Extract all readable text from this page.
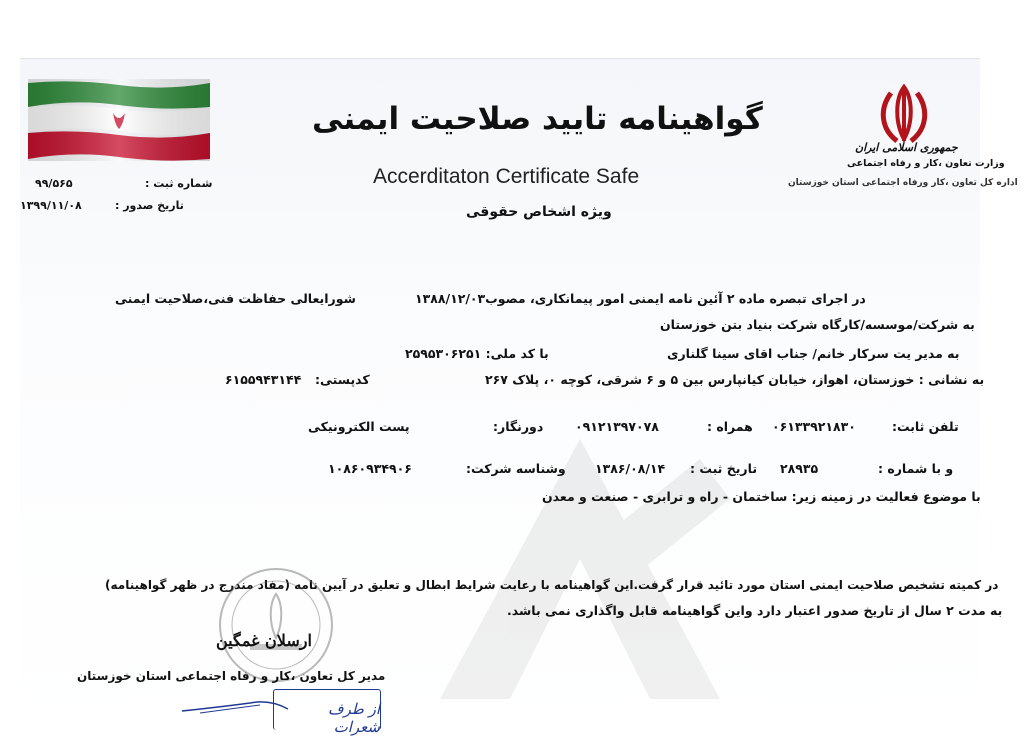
گواهینامه تایید صلاحیت ایمنی
Accerditaton Certificate Safe
ویژه اشخاص حقوقی
جمهوری اسلامی ایران
وزارت تعاون ،کار و رفاه اجتماعی
اداره کل تعاون ،کار ورفاه اجتماعی استان خوزستان
شماره ثبت :
۹۹/۵۶۵
تاریخ صدور :
۱۳۹۹/۱۱/۰۸
در اجرای تبصره ماده ۲ آئین نامه ایمنی امور پیمانکاری، مصوب۱۳۸۸/۱۲/۰۳
شورایعالی حفاظت فنی،صلاحیت ایمنی
به شرکت/موسسه/کارگاه شرکت بنیاد بتن خوزستان
به مدیر یت سرکار خانم/ جناب اقای سینا گلناری
با کد ملی: ۲۵۹۵۳۰۶۲۵۱
به نشانی : خوزستان، اهواز، خیابان کیانپارس بین ۵ و ۶ شرقی، کوچه ۰، پلاک ۲۶۷
کدپستی:
۶۱۵۵۹۴۳۱۴۴
تلفن ثابت:
۰۶۱۳۳۹۲۱۸۳۰
همراه :
۰۹۱۲۱۳۹۷۰۷۸
دورنگار:
پست الکترونیکی
و با شماره :
۲۸۹۳۵
تاریخ ثبت :
۱۳۸۶/۰۸/۱۴
وشناسه شرکت:
۱۰۸۶۰۹۳۴۹۰۶
با موضوع فعالیت در زمینه زیر: ساختمان - راه و ترابری - صنعت و معدن
در کمیته تشخیص صلاحیت ایمنی استان مورد تائید قرار گرفت.این گواهینامه با رعایت شرایط ابطال و تعلیق در آیین نامه (مفاد مندرج در ظهر گواهینامه)
به مدت ۲ سال از تاریخ صدور اعتبار دارد واین گواهینامه قابل واگذاری نمی باشد.
ارسلان غمگین
مدیر کل تعاون ،کار و رفاه اجتماعی استان خوزستان
از طرف شعرات
